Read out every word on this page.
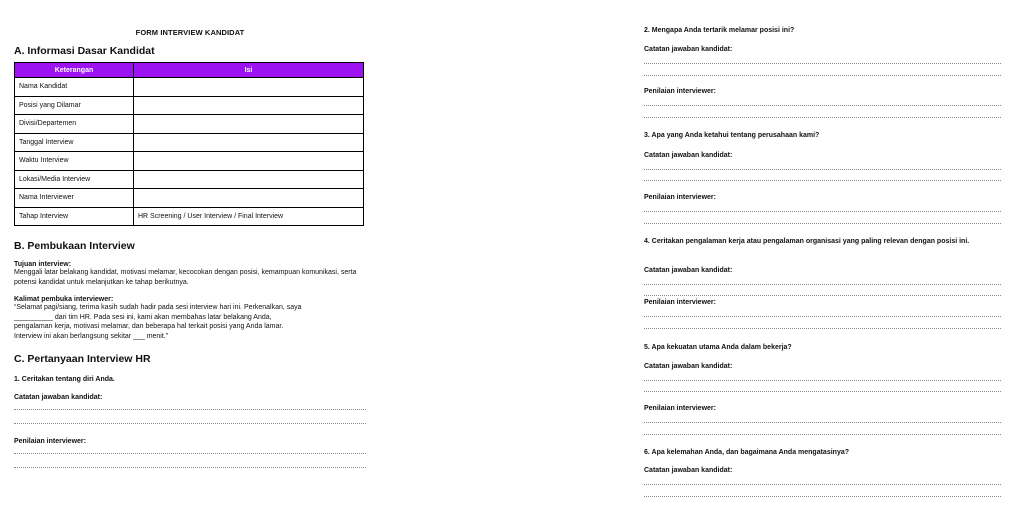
FORM INTERVIEW KANDIDAT
A. Informasi Dasar Kandidat
Keterangan	Isi
Nama Kandidat	
Posisi yang Dilamar	
Divisi/Departemen	
Tanggal Interview	
Waktu Interview	
Lokasi/Media Interview	
Nama Interviewer	
Tahap Interview	HR Screening / User Interview / Final Interview
B. Pembukaan Interview
Tujuan interview:
Menggali latar belakang kandidat, motivasi melamar, kecocokan dengan posisi, kemampuan komunikasi, serta potensi kandidat untuk melanjutkan ke tahap berikutnya.
Kalimat pembuka interviewer:
“Selamat pagi/siang, terima kasih sudah hadir pada sesi interview hari ini. Perkenalkan, saya
__________ dari tim HR. Pada sesi ini, kami akan membahas latar belakang Anda,
pengalaman kerja, motivasi melamar, dan beberapa hal terkait posisi yang Anda lamar.
Interview ini akan berlangsung sekitar ___ menit.”
C. Pertanyaan Interview HR
1. Ceritakan tentang diri Anda.
Catatan jawaban kandidat:
Penilaian interviewer:
2. Mengapa Anda tertarik melamar posisi ini?
Catatan jawaban kandidat:
Penilaian interviewer:
3. Apa yang Anda ketahui tentang perusahaan kami?
Catatan jawaban kandidat:
Penilaian interviewer:
4. Ceritakan pengalaman kerja atau pengalaman organisasi yang paling relevan dengan posisi ini.
Catatan jawaban kandidat:
Penilaian interviewer:
5. Apa kekuatan utama Anda dalam bekerja?
Catatan jawaban kandidat:
Penilaian interviewer:
6. Apa kelemahan Anda, dan bagaimana Anda mengatasinya?
Catatan jawaban kandidat:
